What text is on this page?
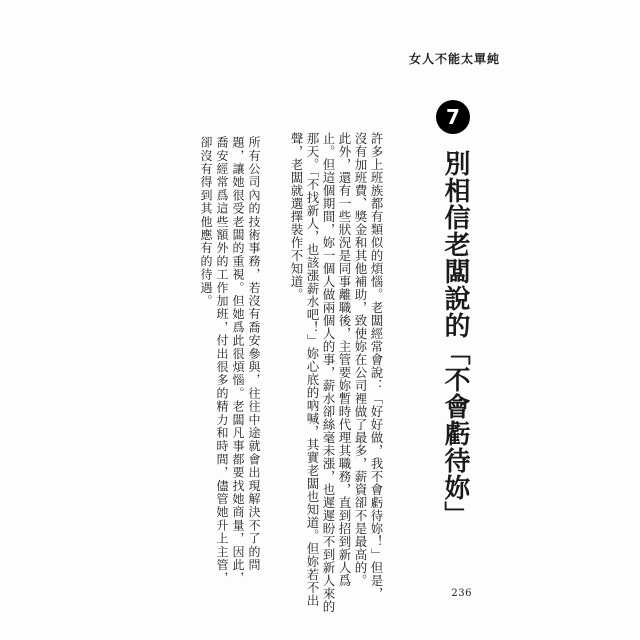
女人不能太單純
7
別相信老闆說的「不會虧待妳」
許多上班族都有類似的煩惱。老闆經常會說：「好好做，我不會虧待妳！」但是，
沒有加班費、獎金和其他補助，致使妳在公司裡做了最多，薪資卻不是最高的。
此外，還有一些狀況是同事離職後，主管要妳暫時代理其職務，直到招到新人爲
止。但這個期間，妳一個人做兩個人的事，薪水卻絲毫未漲，也遲遲盼不到新人來的
那天。「不找新人，也該漲薪水吧！」妳心底的吶喊，其實老闆也知道。但妳若不出
聲，老闆就選擇裝作不知道。
所有公司內的技術事務，若沒有喬安參與，往往中途就會出現解決不了的問
題，讓她很受老闆的重視。但她爲此很煩惱。老闆凡事都要找她商量，因此，
喬安經常爲這些額外的工作加班，付出很多的精力和時間，儘管她升上主管，
卻沒有得到其他應有的待遇。
236
